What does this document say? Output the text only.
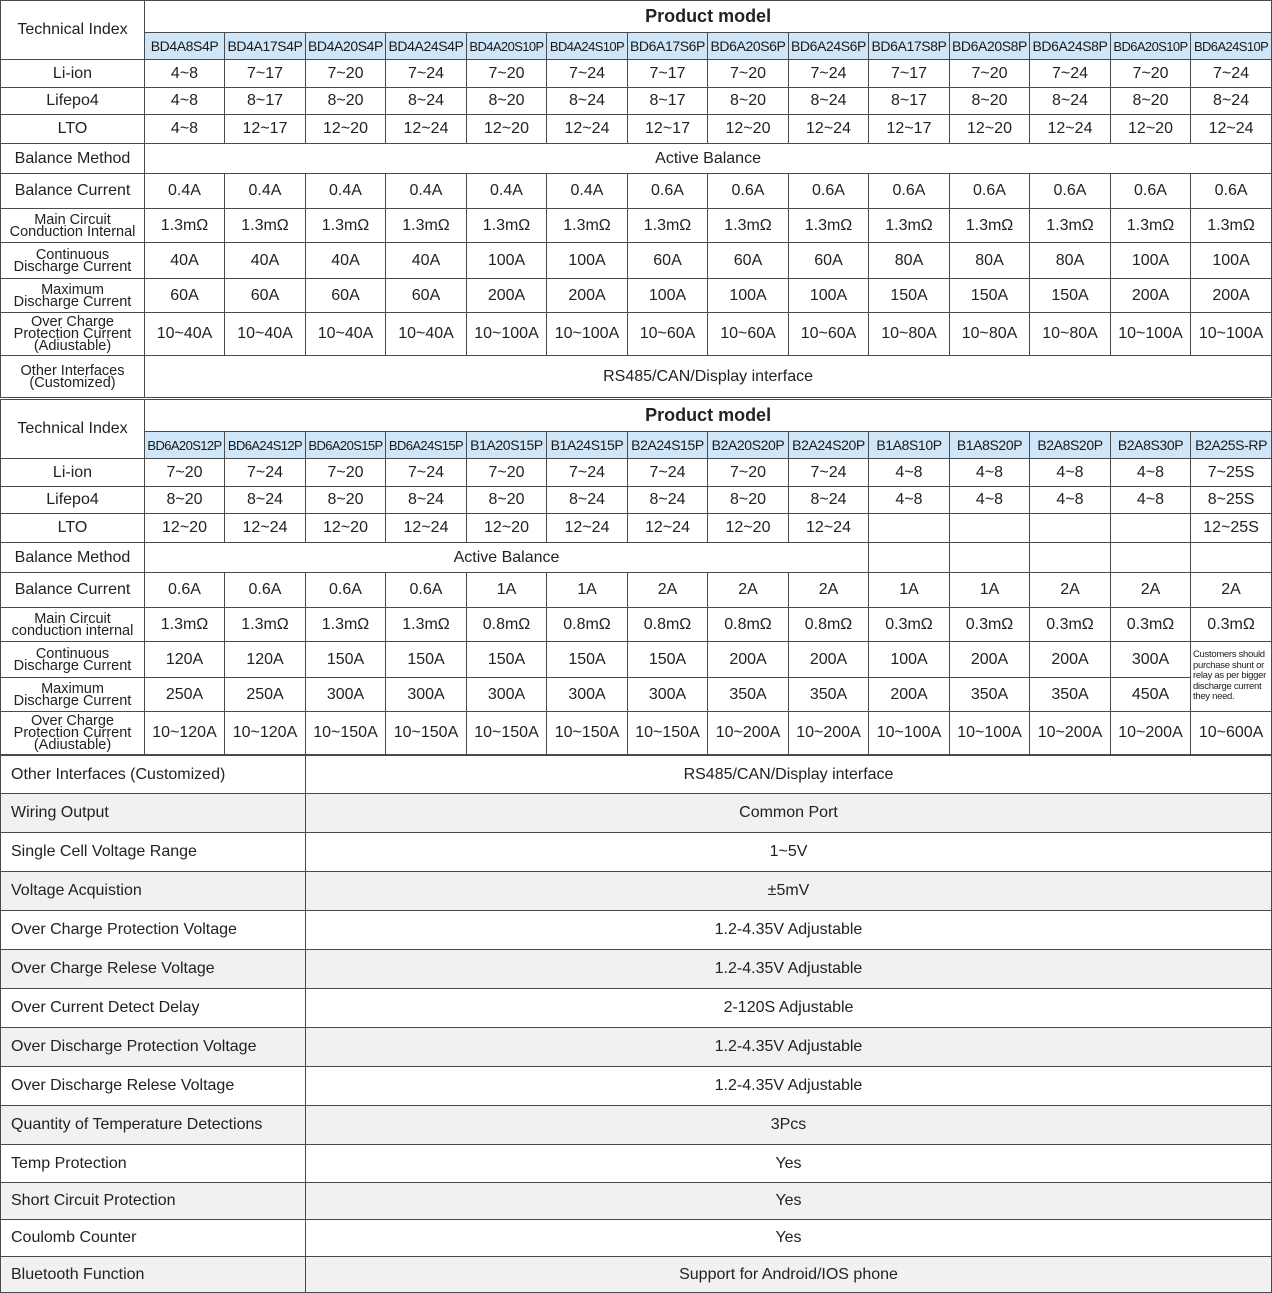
Technical Index	Product model													
	BD4A8S4P	BD4A17S4P	BD4A20S4P	BD4A24S4P	BD4A20S10P	BD4A24S10P	BD6A17S6P	BD6A20S6P	BD6A24S6P	BD6A17S8P	BD6A20S8P	BD6A24S8P	BD6A20S10P	BD6A24S10P
Li-ion	4~8	7~17	7~20	7~24	7~20	7~24	7~17	7~20	7~24	7~17	7~20	7~24	7~20	7~24
Lifepo4	4~8	8~17	8~20	8~24	8~20	8~24	8~17	8~20	8~24	8~17	8~20	8~24	8~20	8~24
LTO	4~8	12~17	12~20	12~24	12~20	12~24	12~17	12~20	12~24	12~17	12~20	12~24	12~20	12~24
Balance Method	Active Balance													
Balance Current	0.4A	0.4A	0.4A	0.4A	0.4A	0.4A	0.6A	0.6A	0.6A	0.6A	0.6A	0.6A	0.6A	0.6A

Main Circuit
Conduction Internal	1.3mΩ	1.3mΩ	1.3mΩ	1.3mΩ	1.3mΩ	1.3mΩ	1.3mΩ	1.3mΩ	1.3mΩ	1.3mΩ	1.3mΩ	1.3mΩ	1.3mΩ	1.3mΩ

Continuous
Discharge Current	40A	40A	40A	40A	100A	100A	60A	60A	60A	80A	80A	80A	100A	100A

Maximum
Discharge Current	60A	60A	60A	60A	200A	200A	100A	100A	100A	150A	150A	150A	200A	200A

Over Charge
Protection Current
(Adiustable)	10~40A	10~40A	10~40A	10~40A	10~100A	10~100A	10~60A	10~60A	10~60A	10~80A	10~80A	10~80A	10~100A	10~100A

Other Interfaces
(Customized)	RS485/CAN/Display interface													
Technical Index	Product model													
	BD6A20S12P	BD6A24S12P	BD6A20S15P	BD6A24S15P	B1A20S15P	B1A24S15P	B2A24S15P	B2A20S20P	B2A24S20P	B1A8S10P	B1A8S20P	B2A8S20P	B2A8S30P	B2A25S-RP
Li-ion	7~20	7~24	7~20	7~24	7~20	7~24	7~24	7~20	7~24	4~8	4~8	4~8	4~8	7~25S
Lifepo4	8~20	8~24	8~20	8~24	8~20	8~24	8~24	8~20	8~24	4~8	4~8	4~8	4~8	8~25S
LTO	12~20	12~24	12~20	12~24	12~20	12~24	12~24	12~20	12~24					12~25S
Balance Method	Active Balance													
Balance Current	0.6A	0.6A	0.6A	0.6A	1A	1A	2A	2A	2A	1A	1A	2A	2A	2A

Main Circuit
conduction internal	1.3mΩ	1.3mΩ	1.3mΩ	1.3mΩ	0.8mΩ	0.8mΩ	0.8mΩ	0.8mΩ	0.8mΩ	0.3mΩ	0.3mΩ	0.3mΩ	0.3mΩ	0.3mΩ

Continuous
Discharge Current	120A	120A	150A	150A	150A	150A	150A	200A	200A	100A	200A	200A	300A	Customers should purchase shunt or relay as per bigger discharge current they need.

Maximum
Discharge Current	250A	250A	300A	300A	300A	300A	300A	350A	350A	200A	350A	350A	450A	

Over Charge
Protection Current
(Adiustable)	10~120A	10~120A	10~150A	10~150A	10~150A	10~150A	10~150A	10~200A	10~200A	10~100A	10~100A	10~200A	10~200A	10~600A
Other Interfaces (Customized)	RS485/CAN/Display interface
Wiring Output	Common Port
Single Cell Voltage Range	1~5V
Voltage Acquistion	±5mV
Over Charge Protection Voltage	1.2-4.35V Adjustable
Over Charge Relese Voltage	1.2-4.35V Adjustable
Over Current Detect Delay	2-120S Adjustable
Over Discharge Protection Voltage	1.2-4.35V Adjustable
Over Discharge Relese Voltage	1.2-4.35V Adjustable
Quantity of Temperature Detections	3Pcs
Temp Protection	Yes
Short Circuit Protection	Yes
Coulomb Counter	Yes
Bluetooth Function	Support for Android/IOS phone
